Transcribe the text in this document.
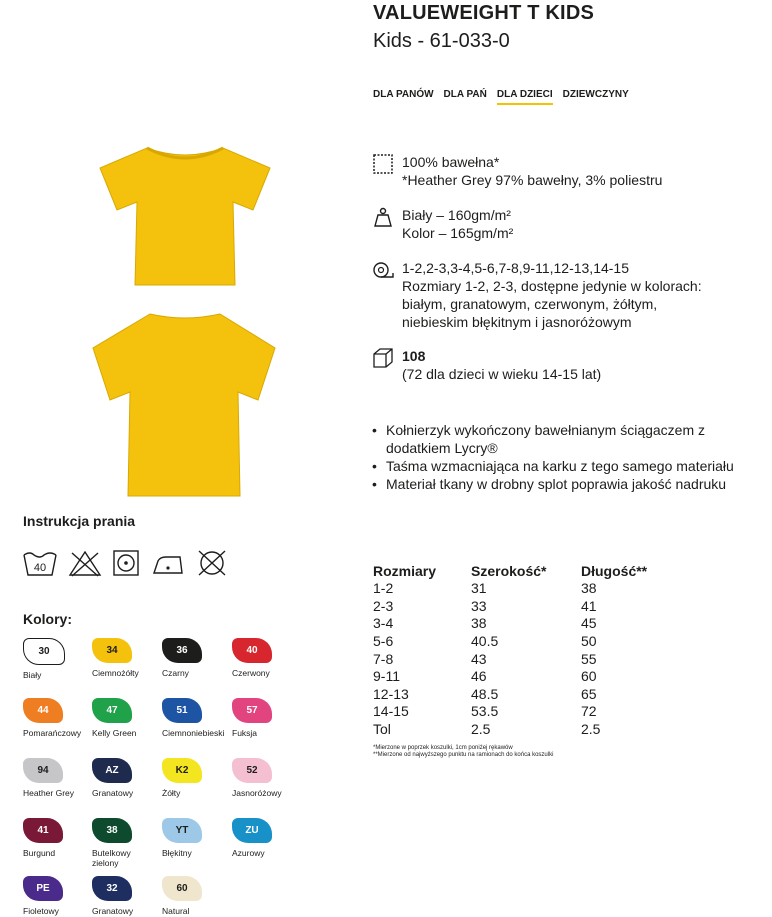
VALUEWEIGHT T KIDS
Kids - 61-033-0
DLA PANÓW DLA PAŃ DLA DZIECI DZIEWCZYNY
100% bawełna*
*Heather Grey 97% bawełny, 3% poliestru
Biały – 160gm/m²
Kolor – 165gm/m²
1-2,2-3,3-4,5-6,7-8,9-11,12-13,14-15
Rozmiary 1-2, 2-3, dostępne jedynie w kolorach:
białym, granatowym, czerwonym, żółtym,
niebieskim błękitnym i jasnoróżowym
108
(72 dla dzieci w wieku 14-15 lat)
• Kołnierzyk wykończony bawełnianym ściągaczem z dodatkiem Lycry®
• Taśma wzmacniająca na karku z tego samego materiału
• Materiał tkany w drobny splot poprawia jakość nadruku
Rozmiary	Szerokość*	Długość**
1-2	31	38
2-3	33	41
3-4	38	45
5-6	40.5	50
7-8	43	55
9-11	46	60
12-13	48.5	65
14-15	53.5	72
Tol	2.5	2.5
*Mierzone w poprzek koszulki, 1cm poniżej rękawów
**Mierzone od najwyższego punktu na ramionach do końca koszulki
Instrukcja prania
40
Kolory:
30
Biały
34
Ciemnożółty
36
Czarny
40
Czerwony
44
Pomarańczowy
47
Kelly Green
51
Ciemnoniebieski
57
Fuksja
94
Heather Grey
AZ
Granatowy
K2
Żółty
52
Jasnoróżowy
41
Burgund
38
Butelkowy zielony
YT
Błękitny
ZU
Azurowy
PE
Fioletowy
32
Granatowy
60
Natural
